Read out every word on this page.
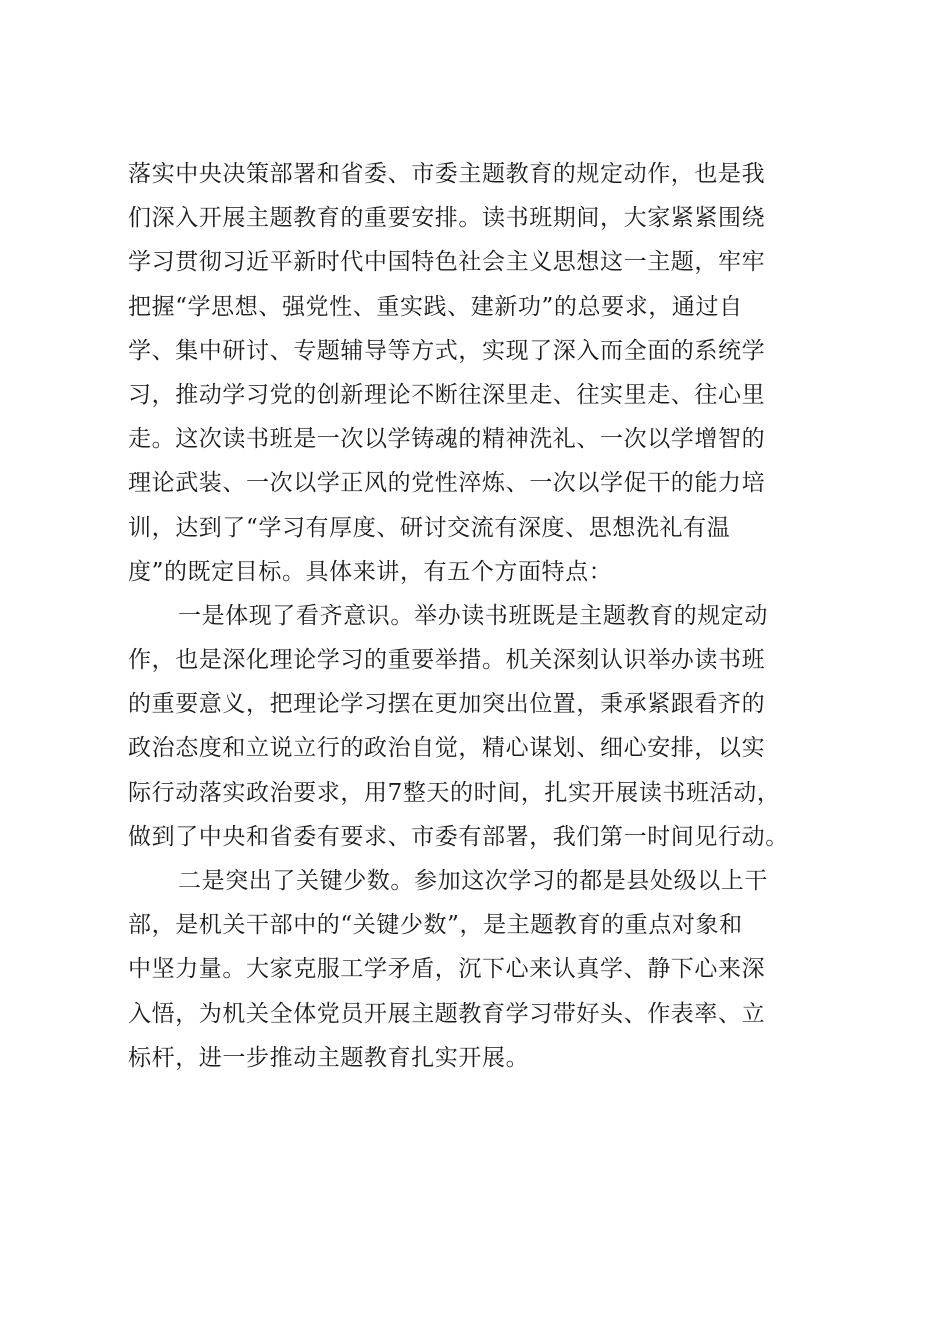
落实中央决策部署和省委、市委主题教育的规定动作，也是我
们深入开展主题教育的重要安排。读书班期间，大家紧紧围绕
学习贯彻习近平新时代中国特色社会主义思想这一主题，牢牢
把握“学思想、强党性、重实践、建新功”的总要求，通过自
学、集中研讨、专题辅导等方式，实现了深入而全面的系统学
习，推动学习党的创新理论不断往深里走、往实里走、往心里
走。这次读书班是一次以学铸魂的精神洗礼、一次以学增智的
理论武装、一次以学正风的党性淬炼、一次以学促干的能力培
训，达到了“学习有厚度、研讨交流有深度、思想洗礼有温
度”的既定目标。具体来讲，有五个方面特点：

一是体现了看齐意识。举办读书班既是主题教育的规定动
作，也是深化理论学习的重要举措。机关深刻认识举办读书班
的重要意义，把理论学习摆在更加突出位置，秉承紧跟看齐的
政治态度和立说立行的政治自觉，精心谋划、细心安排，以实
际行动落实政治要求，用7整天的时间，扎实开展读书班活动，
做到了中央和省委有要求、市委有部署，我们第一时间见行动。

二是突出了关键少数。参加这次学习的都是县处级以上干
部，是机关干部中的“关键少数”，是主题教育的重点对象和
中坚力量。大家克服工学矛盾，沉下心来认真学、静下心来深
入悟，为机关全体党员开展主题教育学习带好头、作表率、立
标杆，进一步推动主题教育扎实开展。
